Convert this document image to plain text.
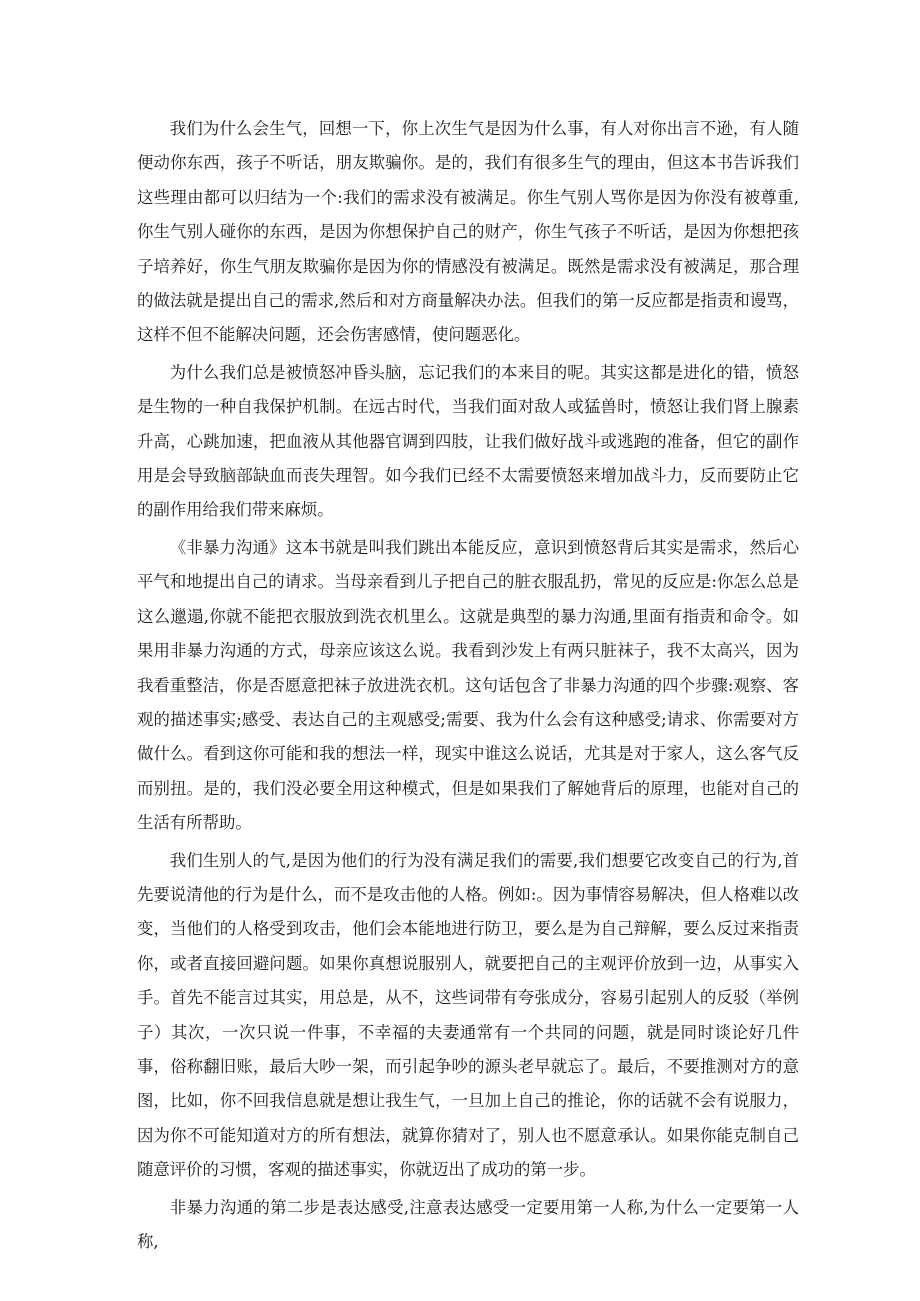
我们为什么会生气，回想一下，你上次生气是因为什么事，有人对你出言不逊，有人随便动你东西，孩子不听话，朋友欺骗你。是的，我们有很多生气的理由，但这本书告诉我们这些理由都可以归结为一个:我们的需求没有被满足。你生气别人骂你是因为你没有被尊重,你生气别人碰你的东西，是因为你想保护自己的财产，你生气孩子不听话，是因为你想把孩子培养好，你生气朋友欺骗你是因为你的情感没有被满足。既然是需求没有被满足，那合理的做法就是提出自己的需求,然后和对方商量解决办法。但我们的第一反应都是指责和谩骂，这样不但不能解决问题，还会伤害感情，使问题恶化。

为什么我们总是被愤怒冲昏头脑，忘记我们的本来目的呢。其实这都是进化的错，愤怒是生物的一种自我保护机制。在远古时代，当我们面对敌人或猛兽时，愤怒让我们肾上腺素升高，心跳加速，把血液从其他器官调到四肢，让我们做好战斗或逃跑的准备，但它的副作用是会导致脑部缺血而丧失理智。如今我们已经不太需要愤怒来增加战斗力，反而要防止它的副作用给我们带来麻烦。

《非暴力沟通》这本书就是叫我们跳出本能反应，意识到愤怒背后其实是需求，然后心平气和地提出自己的请求。当母亲看到儿子把自己的脏衣服乱扔，常见的反应是:你怎么总是这么邋遢,你就不能把衣服放到洗衣机里么。这就是典型的暴力沟通,里面有指责和命令。如果用非暴力沟通的方式，母亲应该这么说。我看到沙发上有两只脏袜子，我不太高兴，因为我看重整洁，你是否愿意把袜子放进洗衣机。这句话包含了非暴力沟通的四个步骤:观察、客观的描述事实;感受、表达自己的主观感受;需要、我为什么会有这种感受;请求、你需要对方做什么。看到这你可能和我的想法一样，现实中谁这么说话，尤其是对于家人，这么客气反而别扭。是的，我们没必要全用这种模式，但是如果我们了解她背后的原理，也能对自己的生活有所帮助。

我们生别人的气,是因为他们的行为没有满足我们的需要,我们想要它改变自己的行为,首先要说清他的行为是什么，而不是攻击他的人格。例如:。因为事情容易解决，但人格难以改变，当他们的人格受到攻击，他们会本能地进行防卫，要么是为自己辩解，要么反过来指责你，或者直接回避问题。如果你真想说服别人，就要把自己的主观评价放到一边，从事实入手。首先不能言过其实，用总是，从不，这些词带有夸张成分，容易引起别人的反驳（举例子）其次，一次只说一件事，不幸福的夫妻通常有一个共同的问题，就是同时谈论好几件事，俗称翻旧账，最后大吵一架，而引起争吵的源头老早就忘了。最后，不要推测对方的意图，比如，你不回我信息就是想让我生气，一旦加上自己的推论，你的话就不会有说服力，因为你不可能知道对方的所有想法，就算你猜对了，别人也不愿意承认。如果你能克制自己随意评价的习惯，客观的描述事实，你就迈出了成功的第一步。

非暴力沟通的第二步是表达感受,注意表达感受一定要用第一人称,为什么一定要第一人称,
